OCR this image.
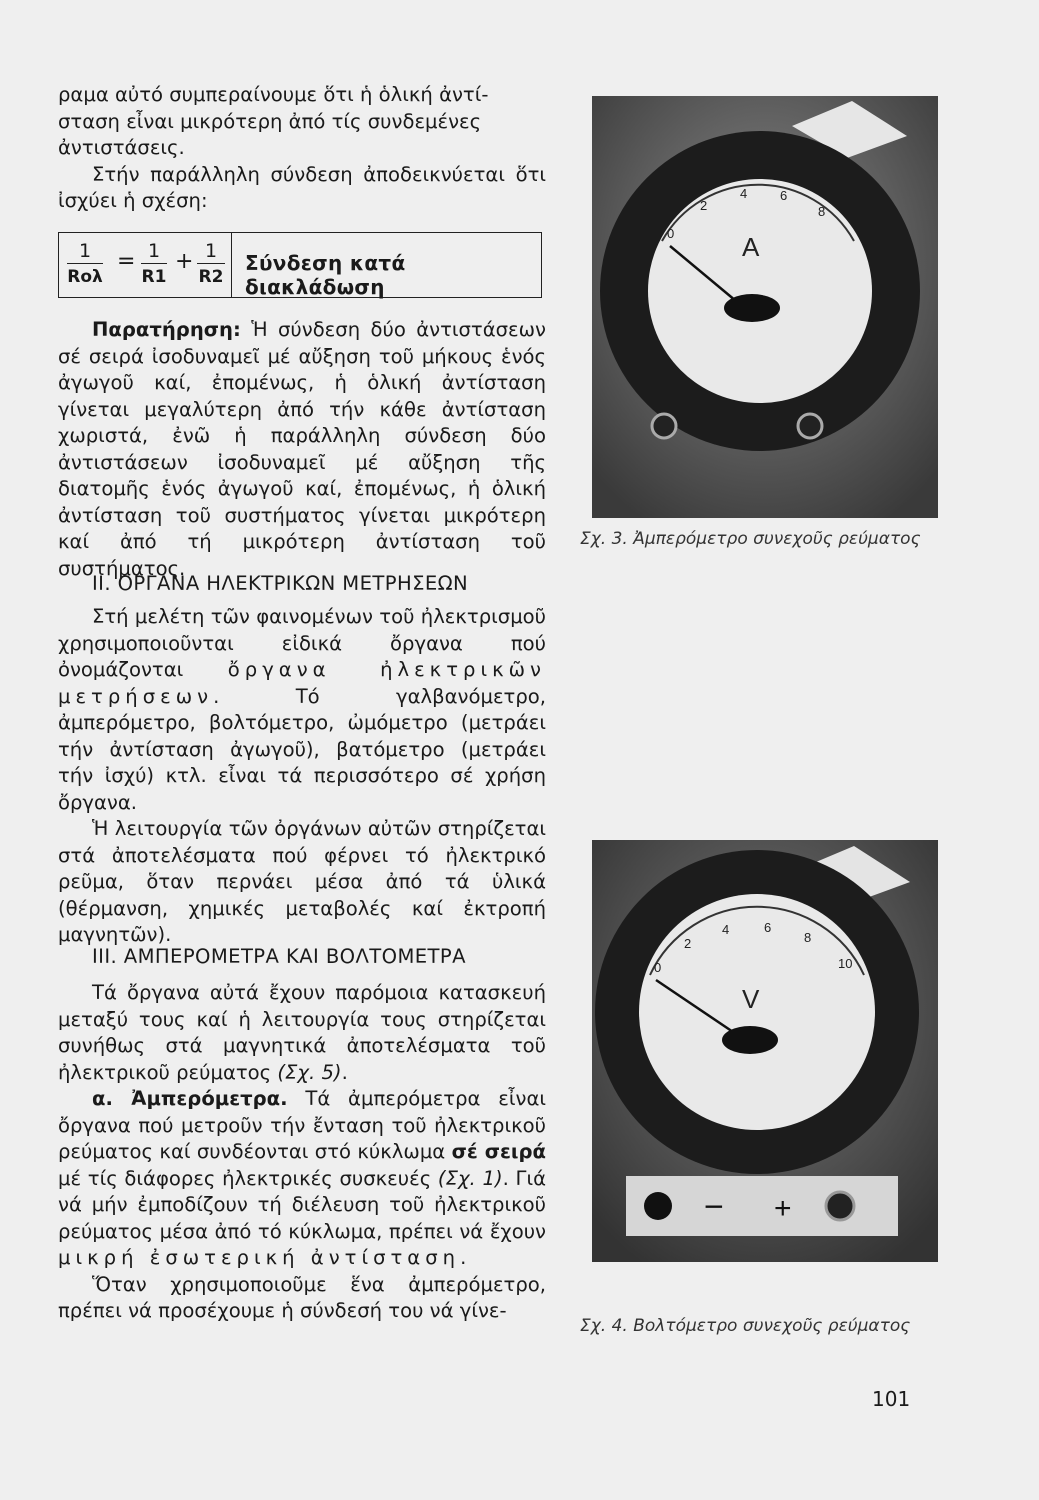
ραμα αὐτό συμπεραίνουμε ὅτι ἡ ὁλική ἀντί-

σταση εἶναι μικρότερη ἀπό τίς συνδεμένες

ἀντιστάσεις.

Στήν παράλληλη σύνδεση ἀποδεικνύεται ὅτι ἰσχύει ἡ σχέση:

1
Rολ
= $\frac{1}{R1} + \frac{1}{R2}$ Σύνδεση κατά διακλάδωση

Παρατήρηση: Ἡ σύνδεση δύο ἀντιστάσεων σέ σειρά ἰσοδυναμεῖ μέ αὔξηση τοῦ μήκους ἑνός ἀγωγοῦ καί, ἐπομένως, ἡ ὁλική ἀντίσταση γίνεται μεγαλύτερη ἀπό τήν κάθε ἀντίσταση χωριστά, ἐνῶ ἡ παράλληλη σύνδεση δύο ἀντιστάσεων ἰσοδυναμεῖ μέ αὔξηση τῆς διατομῆς ἑνός ἀγωγοῦ καί, ἐπομένως, ἡ ὁλική ἀντίσταση τοῦ συστήματος γίνεται μικρότερη καί ἀπό τή μικρότερη ἀντίσταση τοῦ συστήματος.

ΙΙ. ΟΡΓΑΝΑ ΗΛΕΚΤΡΙΚΩΝ ΜΕΤΡΗΣΕΩΝ

Στή μελέτη τῶν φαινομένων τοῦ ἠλεκτρισμοῦ χρησιμοποιοῦνται εἰδικά ὄργανα πού ὀνομάζονται ὄργανα ἠλεκτρικῶν μετρήσεων. Τό γαλβανόμετρο, ἀμπερόμετρο, βολτόμετρο, ὠμόμετρο (μετράει τήν ἀντίσταση ἀγωγοῦ), βατόμετρο (μετράει τήν ἰσχύ) κτλ. εἶναι τά περισσότερο σέ χρήση ὄργανα.

Ἡ λειτουργία τῶν ὀργάνων αὐτῶν στηρίζεται στά ἀποτελέσματα πού φέρνει τό ἠλεκτρικό ρεῦμα, ὅταν περνάει μέσα ἀπό τά ὑλικά (θέρμανση, χημικές μεταβολές καί ἐκτροπή μαγνητῶν).

ΙΙΙ. ΑΜΠΕΡΟΜΕΤΡΑ ΚΑΙ ΒΟΛΤΟΜΕΤΡΑ

Τά ὄργανα αὐτά ἔχουν παρόμοια κατασκευή μεταξύ τους καί ἡ λειτουργία τους στηρίζεται συνήθως στά μαγνητικά ἀποτελέσματα τοῦ ἠλεκτρικοῦ ρεύματος (Σχ. 5).

α. Ἀμπερόμετρα. Τά ἀμπερόμετρα εἶναι ὄργανα πού μετροῦν τήν ἔνταση τοῦ ἠλεκτρικοῦ ρεύματος καί συνδέονται στό κύκλωμα σέ σειρά μέ τίς διάφορες ἠλεκτρικές συσκευές (Σχ. 1). Γιά νά μήν ἐμποδίζουν τή διέλευση τοῦ ἠλεκτρικοῦ ρεύματος μέσα ἀπό τό κύκλωμα, πρέπει νά ἔχουν μικρή ἐσωτερική ἀντίσταση.

Ὅταν χρησιμοποιοῦμε ἕνα ἀμπερόμετρο, πρέπει νά προσέχουμε ἡ σύνδεσή του νά γίνε-

0
2
4	6
8
A
Σχ. 3. Ἀμπερόμετρο συνεχοῦς ρεύματος
0
2
4	6
8
10
V
− +
Σχ. 4. Βολτόμετρο συνεχοῦς ρεύματος
101
